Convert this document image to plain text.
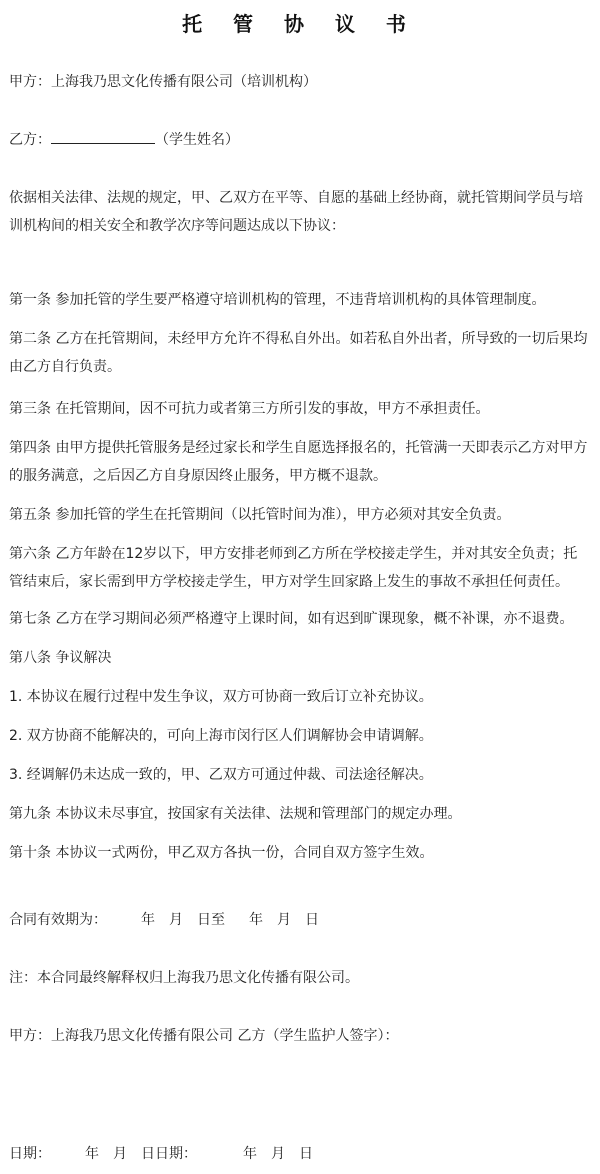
托 管 协 议 书
甲方：上海我乃思文化传播有限公司（培训机构）
乙方：	（学生姓名）
依据相关法律、法规的规定，甲、乙双方在平等、自愿的基础上经协商，就托管期间学员与培训机构间的相关安全和教学次序等问题达成以下协议：
第一条 参加托管的学生要严格遵守培训机构的管理，不违背培训机构的具体管理制度。
第二条 乙方在托管期间，未经甲方允许不得私自外出。如若私自外出者，所导致的一切后果均由乙方自行负责。
第三条 在托管期间，因不可抗力或者第三方所引发的事故，甲方不承担责任。
第四条 由甲方提供托管服务是经过家长和学生自愿选择报名的，托管满一天即表示乙方对甲方的服务满意，之后因乙方自身原因终止服务，甲方概不退款。
第五条 参加托管的学生在托管期间（以托管时间为准），甲方必须对其安全负责。
第六条 乙方年龄在12岁以下，甲方安排老师到乙方所在学校接走学生，并对其安全负责；托管结束后，家长需到甲方学校接走学生，甲方对学生回家路上发生的事故不承担任何责任。
第七条 乙方在学习期间必须严格遵守上课时间，如有迟到旷课现象，概不补课，亦不退费。
第八条 争议解决
1. 本协议在履行过程中发生争议，双方可协商一致后订立补充协议。
2. 双方协商不能解决的，可向上海市闵行区人们调解协会申请调解。
3. 经调解仍未达成一致的，甲、乙双方可通过仲裁、司法途径解决。
第九条 本协议未尽事宜，按国家有关法律、法规和管理部门的规定办理。
第十条 本协议一式两份，甲乙双方各执一份，合同自双方签字生效。
合同有效期为： 年 月 日至 年 月 日
注：本合同最终解释权归上海我乃思文化传播有限公司。
甲方：上海我乃思文化传播有限公司 乙方（学生监护人签字）：
日期： 年 月 日日期：	年 月 日
